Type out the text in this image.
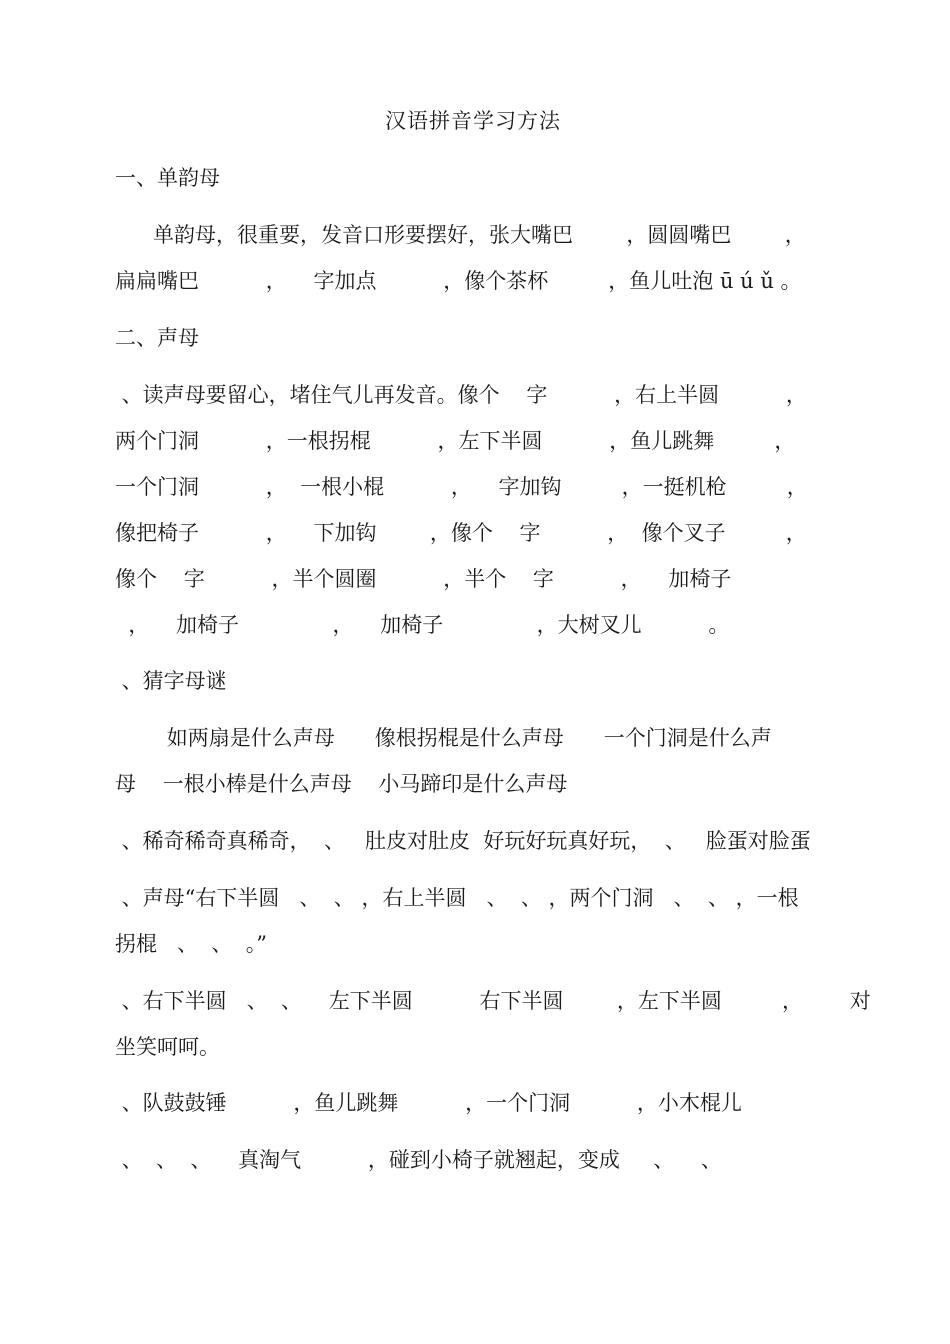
汉语拼音学习方法

一、单韵母

单韵母，很重要，发音口形要摆好，张大嘴巴        ，圆圆嘴巴        ，

扁扁嘴巴          ，    字加点          ，像个茶杯         ，鱼儿吐泡 ū ú ǔ 。

二、声母

、读声母要留心，堵住气儿再发音。像个    字          ，右上半圆          ，

两个门洞          ，一根拐棍          ，左下半圆          ，鱼儿跳舞         ，

一个门洞          ，  一根小棍          ，    字加钩         ，一挺机枪         ，

像把椅子          ，    下加钩        ，像个    字          ，  像个叉子         ，

像个    字          ，半个圆圈          ，半个    字          ，    加椅子

，    加椅子              ，    加椅子              ，大树叉儿          。

、猜字母谜

如两扇是什么声母      像根拐棍是什么声母      一个门洞是什么声

母    一根小棒是什么声母    小马蹄印是什么声母

、稀奇稀奇真稀奇，  、   肚皮对肚皮  好玩好玩真好玩，  、   脸蛋对脸蛋

、声母“右下半圆   、  、 ，右上半圆   、  、 ，两个门洞   、  、 ，一根

拐棍   、  、  。”

、右下半圆   、  、    左下半圆          右下半圆        ，左下半圆         ，       对

坐笑呵呵。

、队鼓鼓锤          ，鱼儿跳舞          ，一个门洞          ，小木棍儿

、  、  、    真淘气          ，碰到小椅子就翘起，变成     、    、
